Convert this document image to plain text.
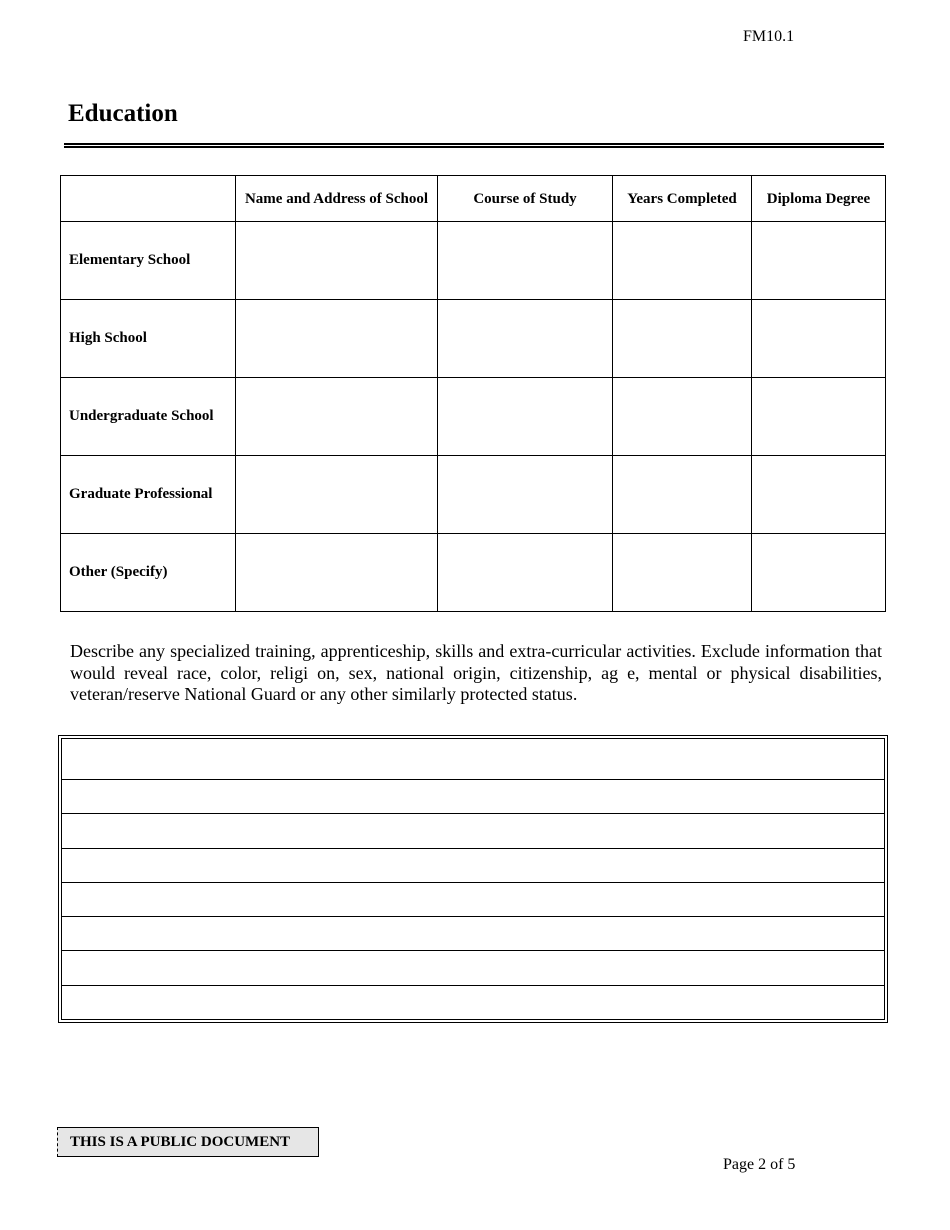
FM10.1
Education
	Name and Address of School	Course of Study	Years Completed	Diploma Degree
Elementary School				
High School				
Undergraduate School				
Graduate Professional				
Other (Specify)				

Describe any specialized training, apprenticeship, skills and extra-curricular activities. Exclude information that would reveal race, color, religi on, sex, national origin, citizenship, ag e, mental or physical disabilities, veteran/reserve National Guard or any other similarly protected status.

THIS IS A PUBLIC DOCUMENT
Page 2 of 5
